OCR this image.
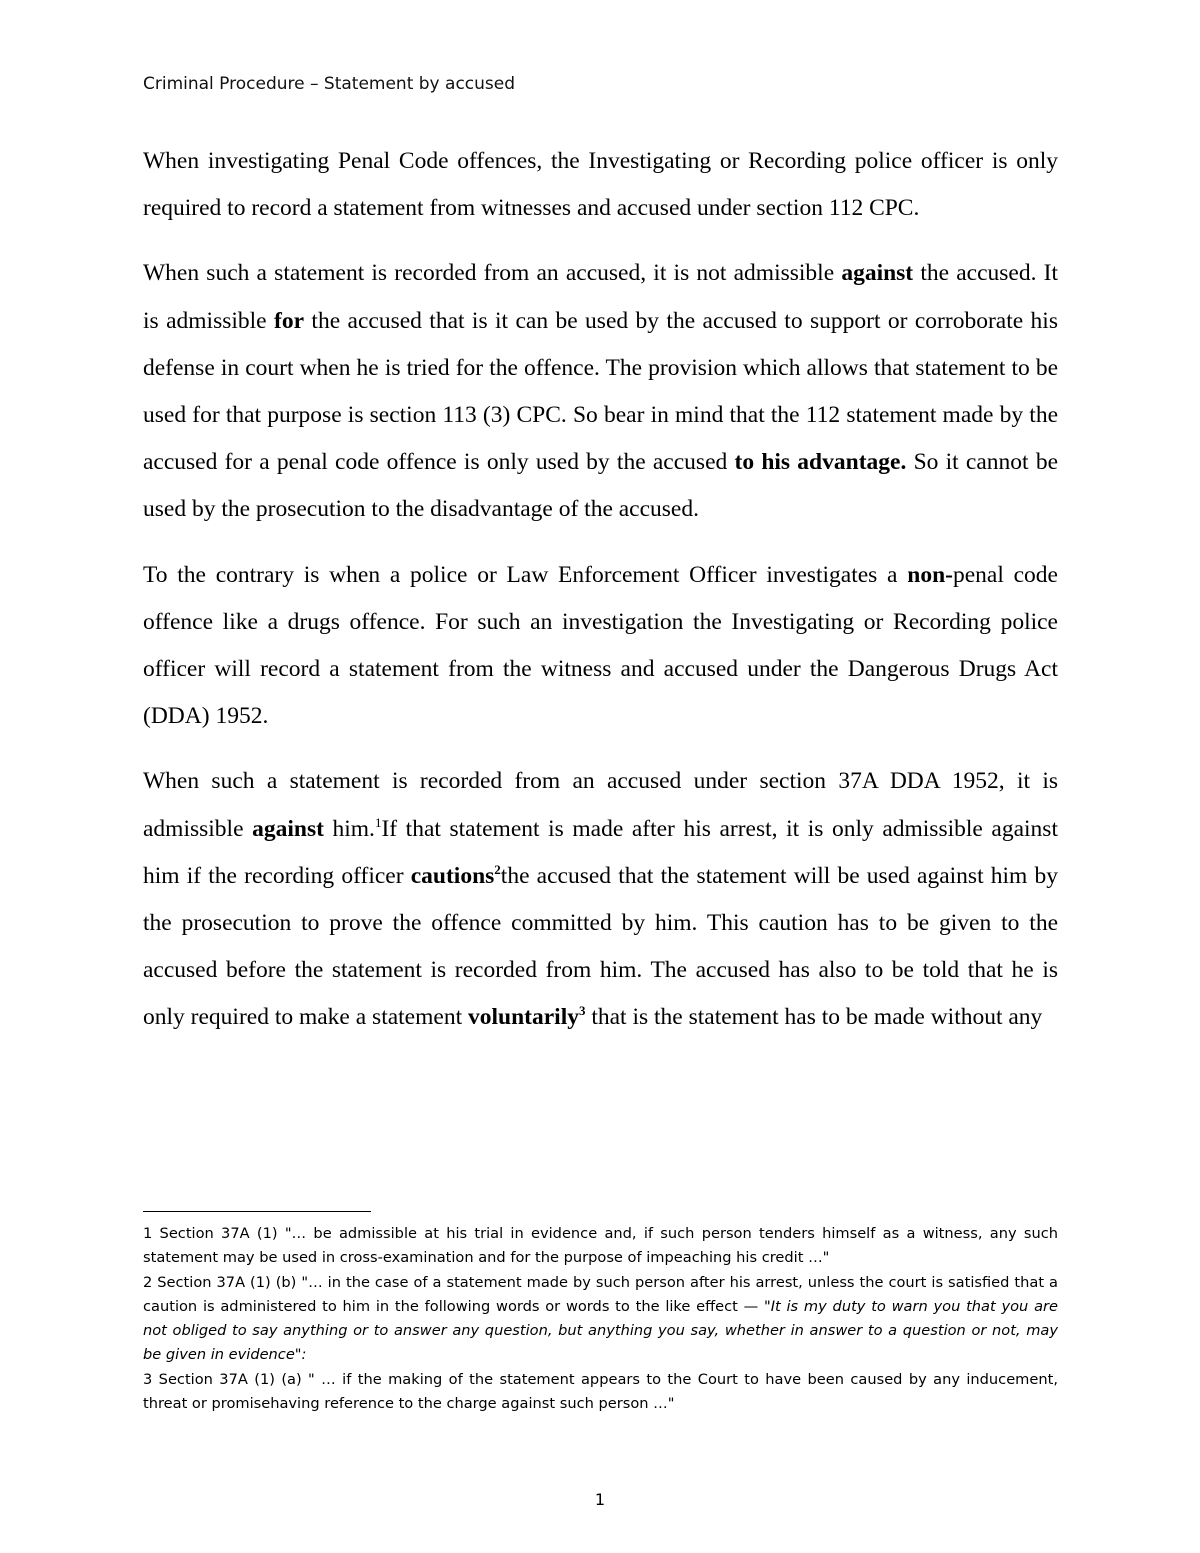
Criminal Procedure – Statement by accused

When investigating Penal Code offences, the Investigating or Recording police officer is only required to record a statement from witnesses and accused under section 112 CPC.

When such a statement is recorded from an accused, it is not admissible against the accused. It is admissible for the accused that is it can be used by the accused to support or corroborate his defense in court when he is tried for the offence. The provision which allows that statement to be used for that purpose is section 113 (3) CPC. So bear in mind that the 112 statement made by the accused for a penal code offence is only used by the accused to his advantage. So it cannot be used by the prosecution to the disadvantage of the accused.

To the contrary is when a police or Law Enforcement Officer investigates a non-penal code offence like a drugs offence. For such an investigation the Investigating or Recording police officer will record a statement from the witness and accused under the Dangerous Drugs Act (DDA) 1952.

When such a statement is recorded from an accused under section 37A DDA 1952, it is admissible against him.$^1$If that statement is made after his arrest, it is only admissible against him if the recording officer cautions$^2$the accused that the statement will be used against him by the prosecution to prove the offence committed by him. This caution has to be given to the accused before the statement is recorded from him. The accused has also to be told that he is only required to make a statement voluntarily$^3$ that is the statement has to be made without any

1 Section 37A (1) "… be admissible at his trial in evidence and, if such person tenders himself as a witness, any such statement may be used in cross-examination and for the purpose of impeaching his credit …"

2 Section 37A (1) (b) "… in the case of a statement made by such person after his arrest, unless the court is satisfied that a caution is administered to him in the following words or words to the like effect — "It is my duty to warn you that you are not obliged to say anything or to answer any question, but anything you say, whether in answer to a question or not, may be given in evidence":

3 Section 37A (1) (a) " … if the making of the statement appears to the Court to have been caused by any inducement, threat or promisehaving reference to the charge against such person …"

1
